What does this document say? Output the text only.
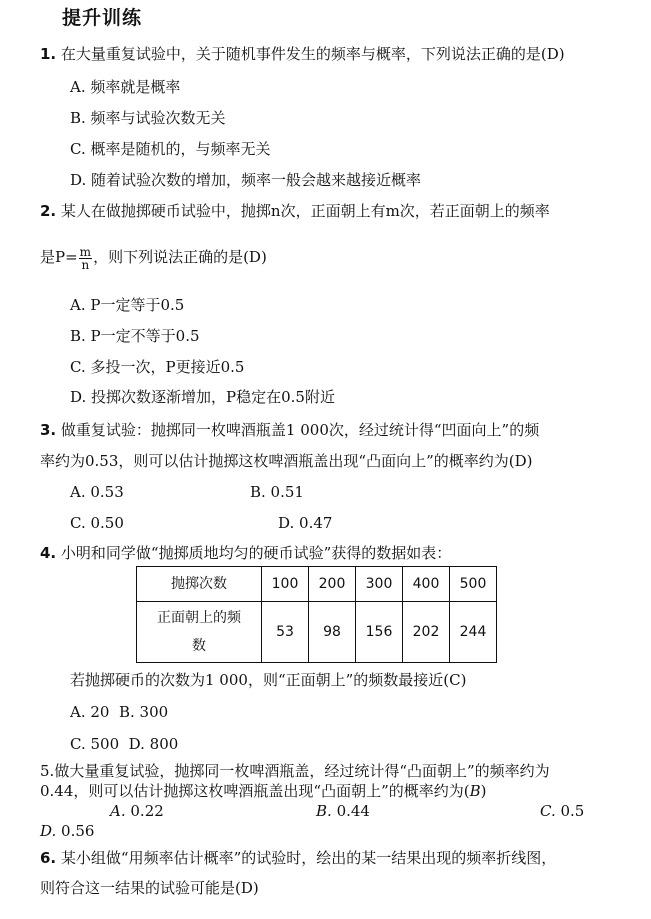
提升训练
1. 在大量重复试验中，关于随机事件发生的频率与概率，下列说法正确的是(D)
A. 频率就是概率
B. 频率与试验次数无关
C. 概率是随机的，与频率无关
D. 随着试验次数的增加，频率一般会越来越接近概率
2. 某人在做抛掷硬币试验中，抛掷n次，正面朝上有m次，若正面朝上的频率
是$P= \frac{m}{n}$ ，则下列说法正确的是(D)
A. P一定等于0.5
B. P一定不等于0.5
C. 多投一次，P更接近0.5
D. 投掷次数逐渐增加，P稳定在0.5附近
3. 做重复试验：抛掷同一枚啤酒瓶盖1 000次，经过统计得“凹面向上”的频
率约为0.53，则可以估计抛掷这枚啤酒瓶盖出现“凸面向上”的概率约为(D)
A. 0.53	B. 0.51
C. 0.50	D. 0.47
4. 小明和同学做“抛掷质地均匀的硬币试验”获得的数据如表：
抛掷次数	100	200	300	400	500

正面朝上的频
数	53	98	156	202	244
若抛掷硬币的次数为1 000，则“正面朝上”的频数最接近(C)
A. 20  B. 300
C. 500  D. 800
5.做大量重复试验，抛掷同一枚啤酒瓶盖，经过统计得“凸面朝上”的频率约为
0.44，则可以估计抛掷这枚啤酒瓶盖出现“凸面朝上”的概率约为(B)
A. 0.22	B. 0.44	C. 0.5
D. 0.56
6. 某小组做“用频率估计概率”的试验时，绘出的某一结果出现的频率折线图，
则符合这一结果的试验可能是(D)
